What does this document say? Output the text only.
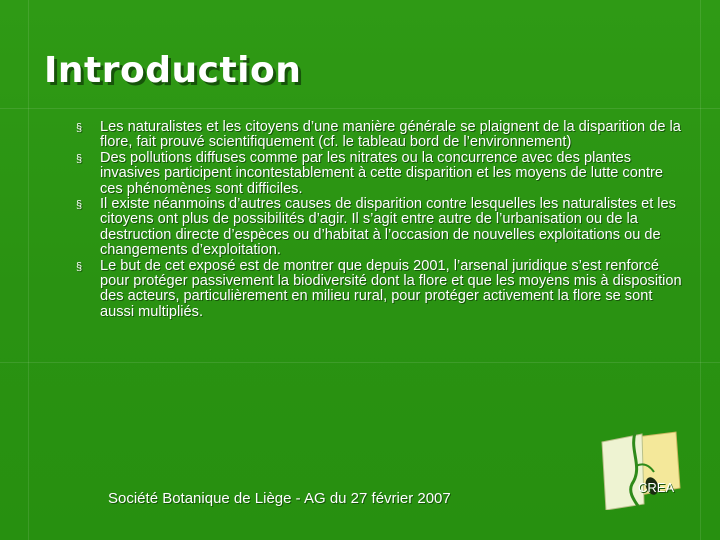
Introduction
§ Les naturalistes et les citoyens d’une manière générale se plaignent de la disparition de la flore, fait prouvé scientifiquement (cf. le tableau bord de l’environnement)
§ Des pollutions diffuses comme par les nitrates ou la concurrence avec des plantes invasives participent incontestablement à cette disparition et les moyens de lutte contre ces phénomènes sont difficiles.
§ Il existe néanmoins d’autres causes de disparition contre lesquelles les naturalistes et les citoyens ont plus de possibilités d’agir. Il s’agit entre autre de l’urbanisation ou de la destruction directe d’espèces ou d’habitat à l’occasion de nouvelles exploitations ou de changements d’exploitation.
§ Le but de cet exposé est de montrer que depuis 2001, l’arsenal juridique s’est renforcé pour protéger passivement la biodiversité dont la flore et que les moyens mis à disposition des acteurs, particulièrement en milieu rural, pour protéger activement la flore se sont aussi multipliés.
Société Botanique de Liège - AG du 27 février 2007
CREA
